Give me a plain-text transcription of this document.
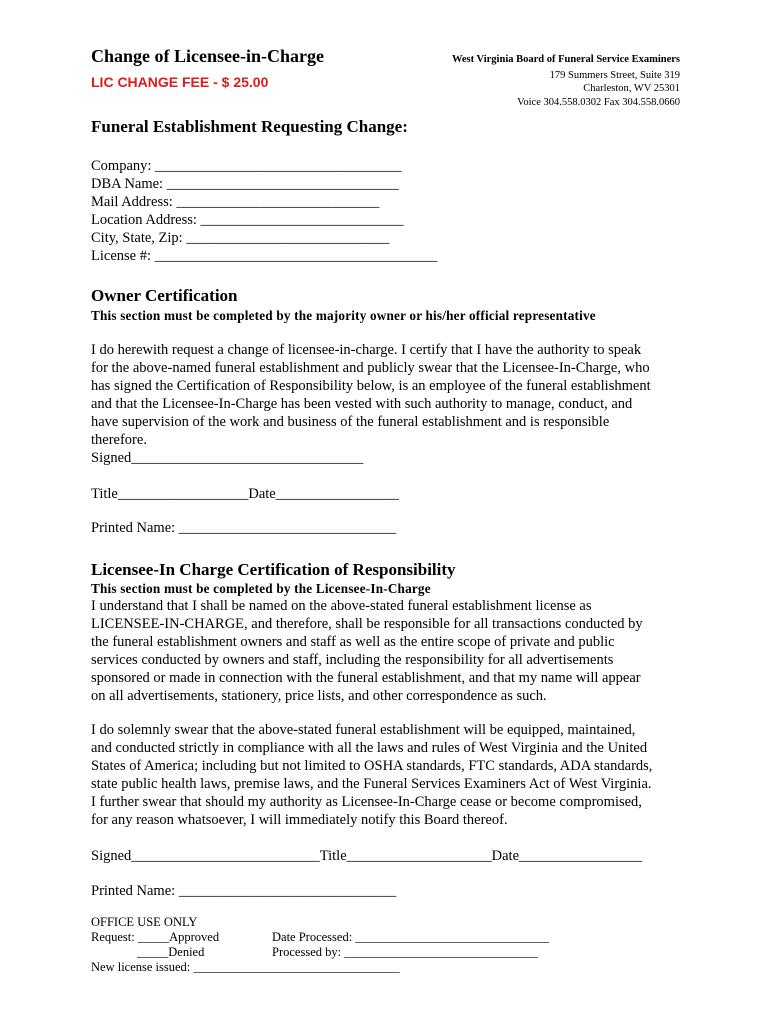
Change of Licensee-in-Charge
LIC CHANGE FEE - $ 25.00
West Virginia Board of Funeral Service Examiners
179 Summers Street, Suite 319
Charleston, WV 25301
Voice 304.558.0302 Fax 304.558.0660
Funeral Establishment Requesting Change:
Company: __________________________________
DBA Name: ________________________________
Mail Address: ____________________________
Location Address: ____________________________
City, State, Zip: ____________________________
License #: _______________________________________
Owner Certification
This section must be completed by the majority owner or his/her official representative

I do herewith request a change of licensee-in-charge. I certify that I have the authority to speak

for the above-named funeral establishment and publicly swear that the Licensee-In-Charge, who

has signed the Certification of Responsibility below, is an employee of the funeral establishment

and that the Licensee-In-Charge has been vested with such authority to manage, conduct, and

have supervision of the work and business of the funeral establishment and is responsible

therefore.

Signed________________________________

Title__________________Date_________________
Printed Name: ______________________________
Licensee-In Charge Certification of Responsibility
This section must be completed by the Licensee-In-Charge

I understand that I shall be named on the above-stated funeral establishment license as

LICENSEE-IN-CHARGE, and therefore, shall be responsible for all transactions conducted by

the funeral establishment owners and staff as well as the entire scope of private and public

services conducted by owners and staff, including the responsibility for all advertisements

sponsored or made in connection with the funeral establishment, and that my name will appear

on all advertisements, stationery, price lists, and other correspondence as such.

I do solemnly swear that the above-stated funeral establishment will be equipped, maintained,

and conducted strictly in compliance with all the laws and rules of West Virginia and the United

States of America; including but not limited to OSHA standards, FTC standards, ADA standards,

state public health laws, premise laws, and the Funeral Services Examiners Act of West Virginia.

I further swear that should my authority as Licensee-In-Charge cease or become compromised,

for any reason whatsoever, I will immediately notify this Board thereof.

Signed__________________________Title____________________Date_________________
Printed Name: ______________________________
OFFICE USE ONLY
Request: _____Approved
_____Denied
New license issued: _________________________________
Date Processed: _______________________________
Processed by: _______________________________
